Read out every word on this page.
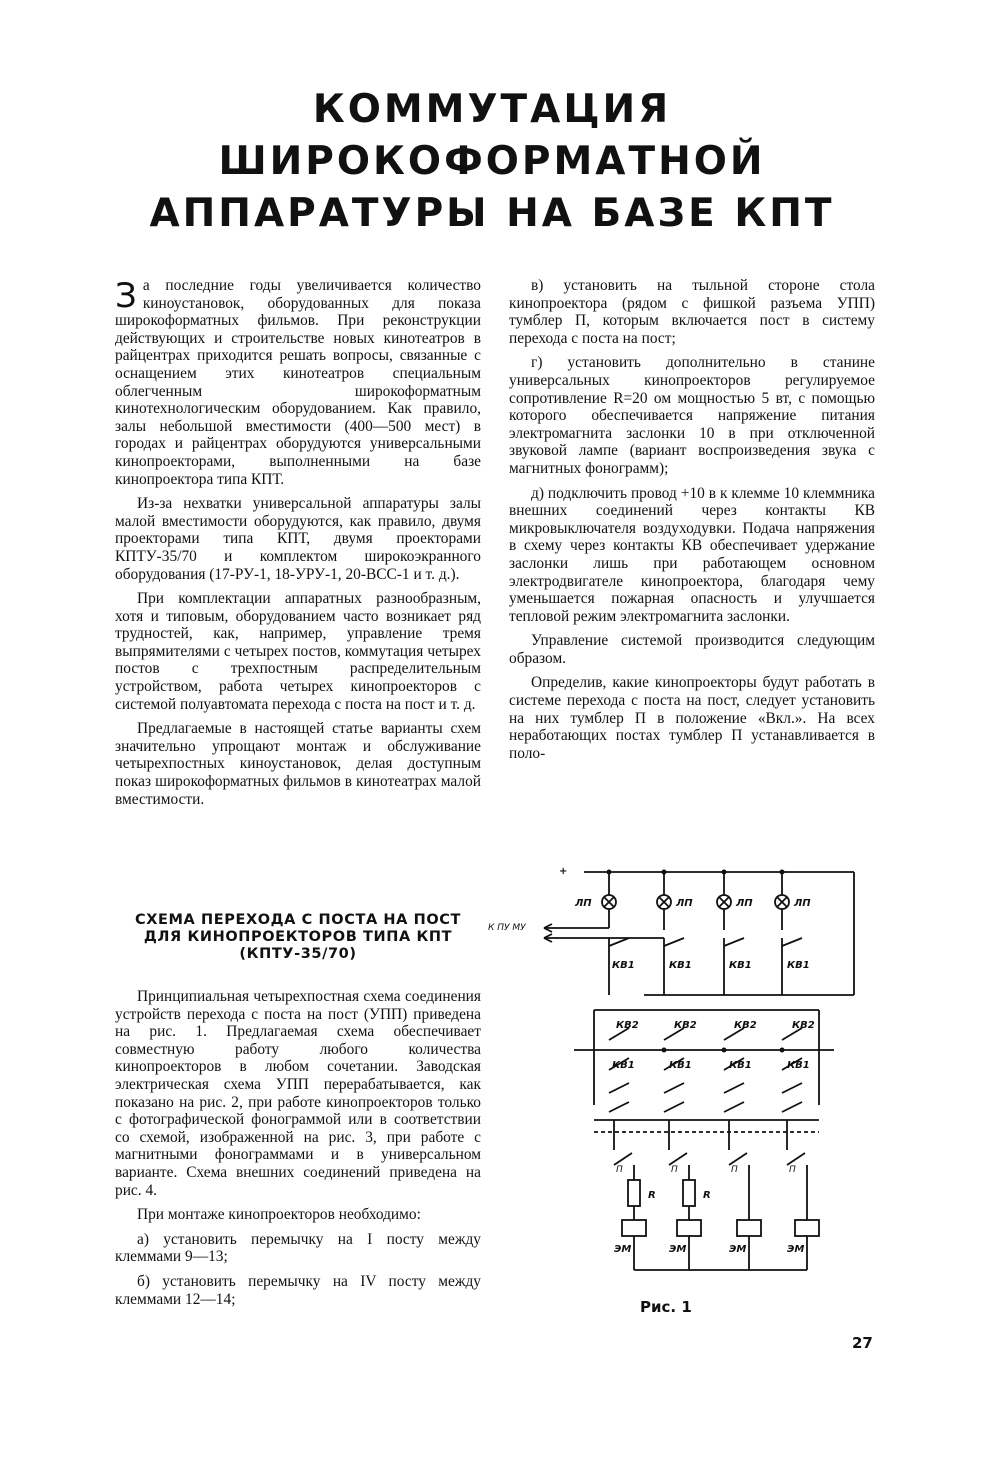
КОММУТАЦИЯ
ШИРОКОФОРМАТНОЙ
АППАРАТУРЫ НА БАЗЕ КПТ

За последние годы увеличивается количество киноустановок, оборудованных для показа широкоформатных фильмов. При реконструкции действующих и строительстве новых кинотеатров в райцентрах приходится решать вопросы, связанные с оснащением этих кинотеатров специальным облегченным широкоформатным кинотехнологическим оборудованием. Как правило, залы небольшой вместимости (400—500 мест) в городах и райцентрах оборудуются универсальными кинопроекторами, выполненными на базе кинопроектора типа КПТ.

Из-за нехватки универсальной аппаратуры залы малой вместимости оборудуются, как правило, двумя проекторами типа КПТ, двумя проекторами КПТУ-35/70 и комплектом широкоэкранного оборудования (17-РУ-1, 18-УРУ-1, 20-ВСС-1 и т. д.).

При комплектации аппаратных разнообразным, хотя и типовым, оборудованием часто возникает ряд трудностей, как, например, управление тремя выпрямителями с четырех постов, коммутация четырех постов с трехпостным распределительным устройством, работа четырех кинопроекторов с системой полуавтомата перехода с поста на пост и т. д.

Предлагаемые в настоящей статье варианты схем значительно упрощают монтаж и обслуживание четырехпостных киноустановок, делая доступным показ широкоформатных фильмов в кинотеатрах малой вместимости.

СХЕМА ПЕРЕХОДА С ПОСТА НА ПОСТ
ДЛЯ КИНОПРОЕКТОРОВ ТИПА КПТ
(КПТУ-35/70)

Принципиальная четырехпостная схема соединения устройств перехода с поста на пост (УПП) приведена на рис. 1. Предлагаемая схема обеспечивает совместную работу любого количества кинопроекторов в любом сочетании. Заводская электрическая схема УПП перерабатывается, как показано на рис. 2, при работе кинопроекторов только с фотографической фонограммой или в соответствии со схемой, изображенной на рис. 3, при работе с магнитными фонограммами и в универсальном варианте. Схема внешних соединений приведена на рис. 4.

При монтаже кинопроекторов необходимо:

а) установить перемычку на I посту между клеммами 9—13;

б) установить перемычку на IV посту между клеммами 12—14;

в) установить на тыльной стороне стола кинопроектора (рядом с фишкой разъема УПП) тумблер П, которым включается пост в систему перехода с поста на пост;

г) установить дополнительно в станине универсальных кинопроекторов регулируемое сопротивление R=20 ом мощностью 5 вт, с помощью которого обеспечивается напряжение питания электромагнита заслонки 10 в при отключенной звуковой лампе (вариант воспроизведения звука с магнитных фонограмм);

д) подключить провод +10 в к клемме 10 клеммника внешних соединений через контакты КВ микровыключателя воздуходувки. Подача напряжения в схему через контакты КВ обеспечивает удержание заслонки лишь при работающем основном электродвигателе кинопроектора, благодаря чему уменьшается пожарная опасность и улучшается тепловой режим электромагнита заслонки.

Управление системой производится следующим образом.

Определив, какие кинопроекторы будут работать в системе перехода с поста на пост, следует установить на них тумблер П в положение «Вкл.». На всех неработающих постах тумблер П устанавливается в поло-

+
ЛП	ЛП	ЛП	ЛП
К ПУ МУ
КВ1	КВ1	КВ1	КВ1
КВ2	КВ2	КВ2	КВ2
КВ1	КВ1	КВ1	КВ1
П	П	П	П
R	R
ЭМ	ЭМ	ЭМ	ЭМ
Рис. 1
27
